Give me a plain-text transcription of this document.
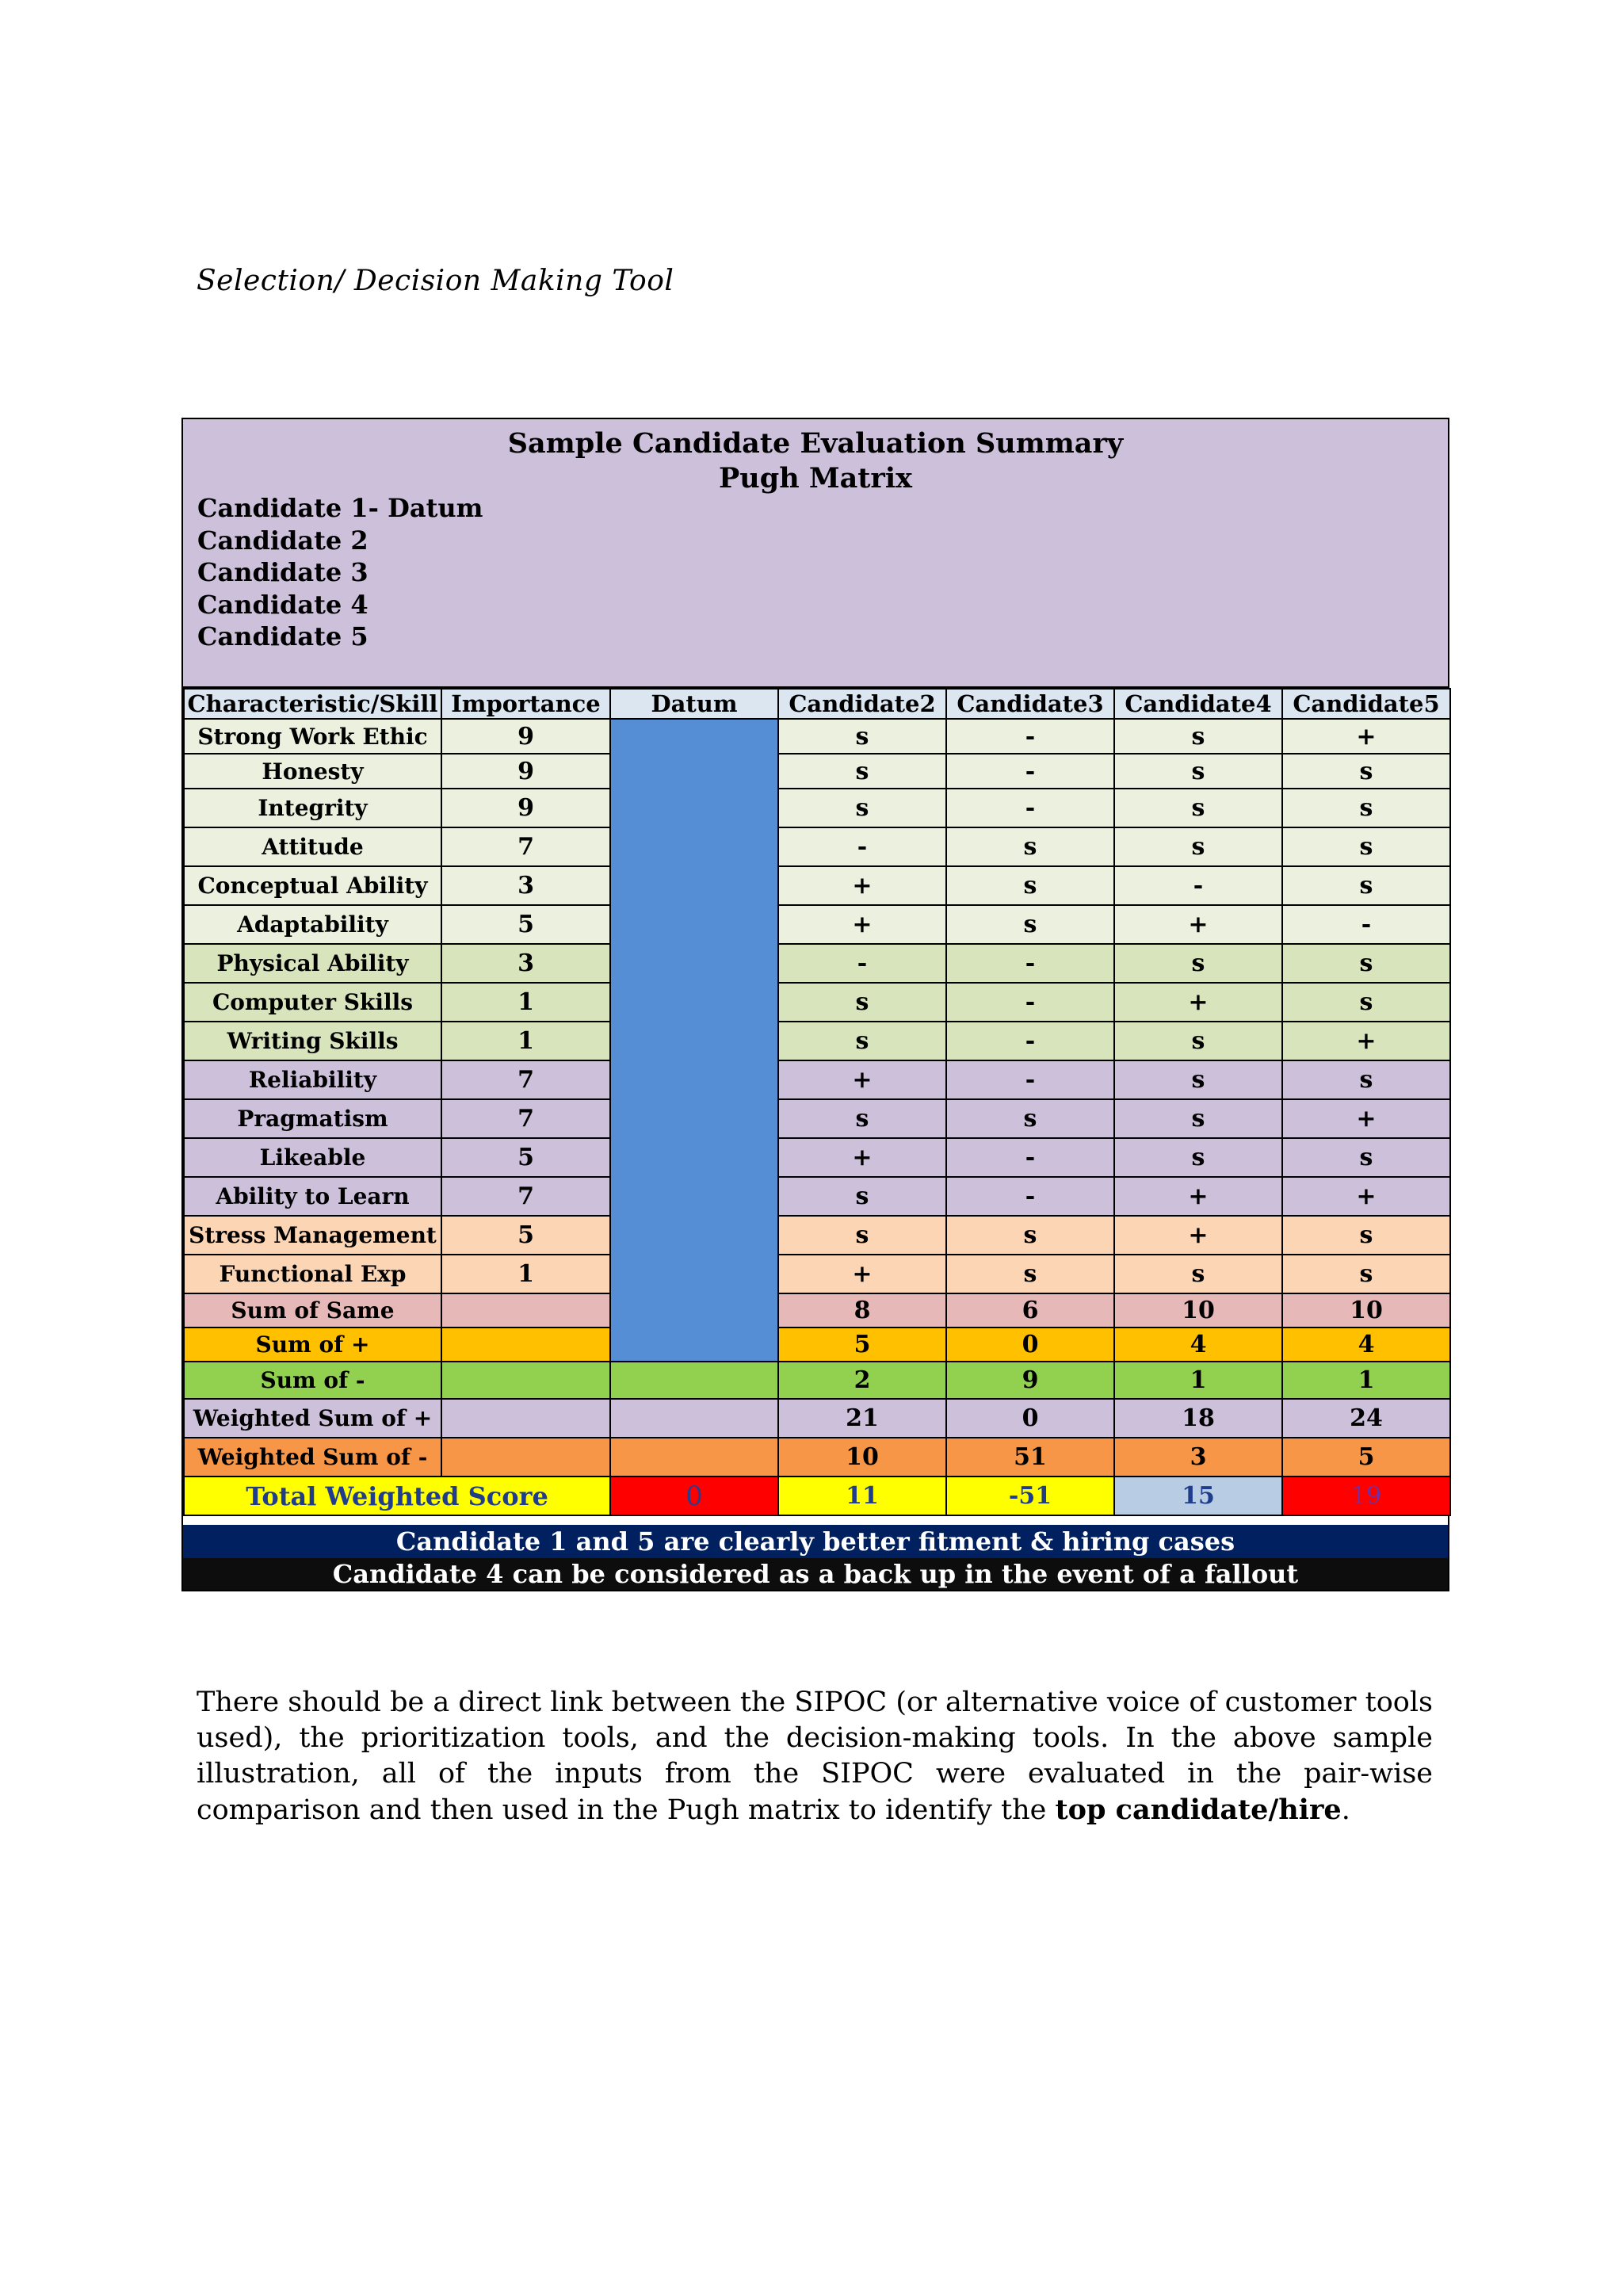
Selection/ Decision Making Tool
Sample Candidate Evaluation Summary
Pugh Matrix
Candidate 1- Datum
Candidate 2
Candidate 3
Candidate 4
Candidate 5
Characteristic/Skill	Importance	Datum	Candidate2	Candidate3	Candidate4	Candidate5
Strong Work Ethic	9		s	-	s	+
Honesty	9		s	-	s	s
Integrity	9		s	-	s	s
Attitude	7		-	s	s	s
Conceptual Ability	3		+	s	-	s
Adaptability	5		+	s	+	-
Physical Ability	3		-	-	s	s
Computer Skills	1		s	-	+	s
Writing Skills	1		s	-	s	+
Reliability	7		+	-	s	s
Pragmatism	7		s	s	s	+
Likeable	5		+	-	s	s
Ability to Learn	7		s	-	+	+
Stress Management	5		s	s	+	s
Functional Exp	1		+	s	s	s
Sum of Same			8	6	10	10
Sum of +			5	0	4	4
Sum of -			2	9	1	1
Weighted Sum of +			21	0	18	24
Weighted Sum of -			10	51	3	5
Total Weighted Score		0	11	-51	15	19
Candidate 1 and 5 are clearly better fitment & hiring cases
Candidate 4 can be considered as a back up in the event of a fallout
There should be a direct link between the SIPOC (or alternative voice of customer tools used), the prioritization tools, and the decision-making tools. In the above sample illustration, all of the inputs from the SIPOC were evaluated in the pair-wise comparison and then used in the Pugh matrix to identify the top candidate/hire.
